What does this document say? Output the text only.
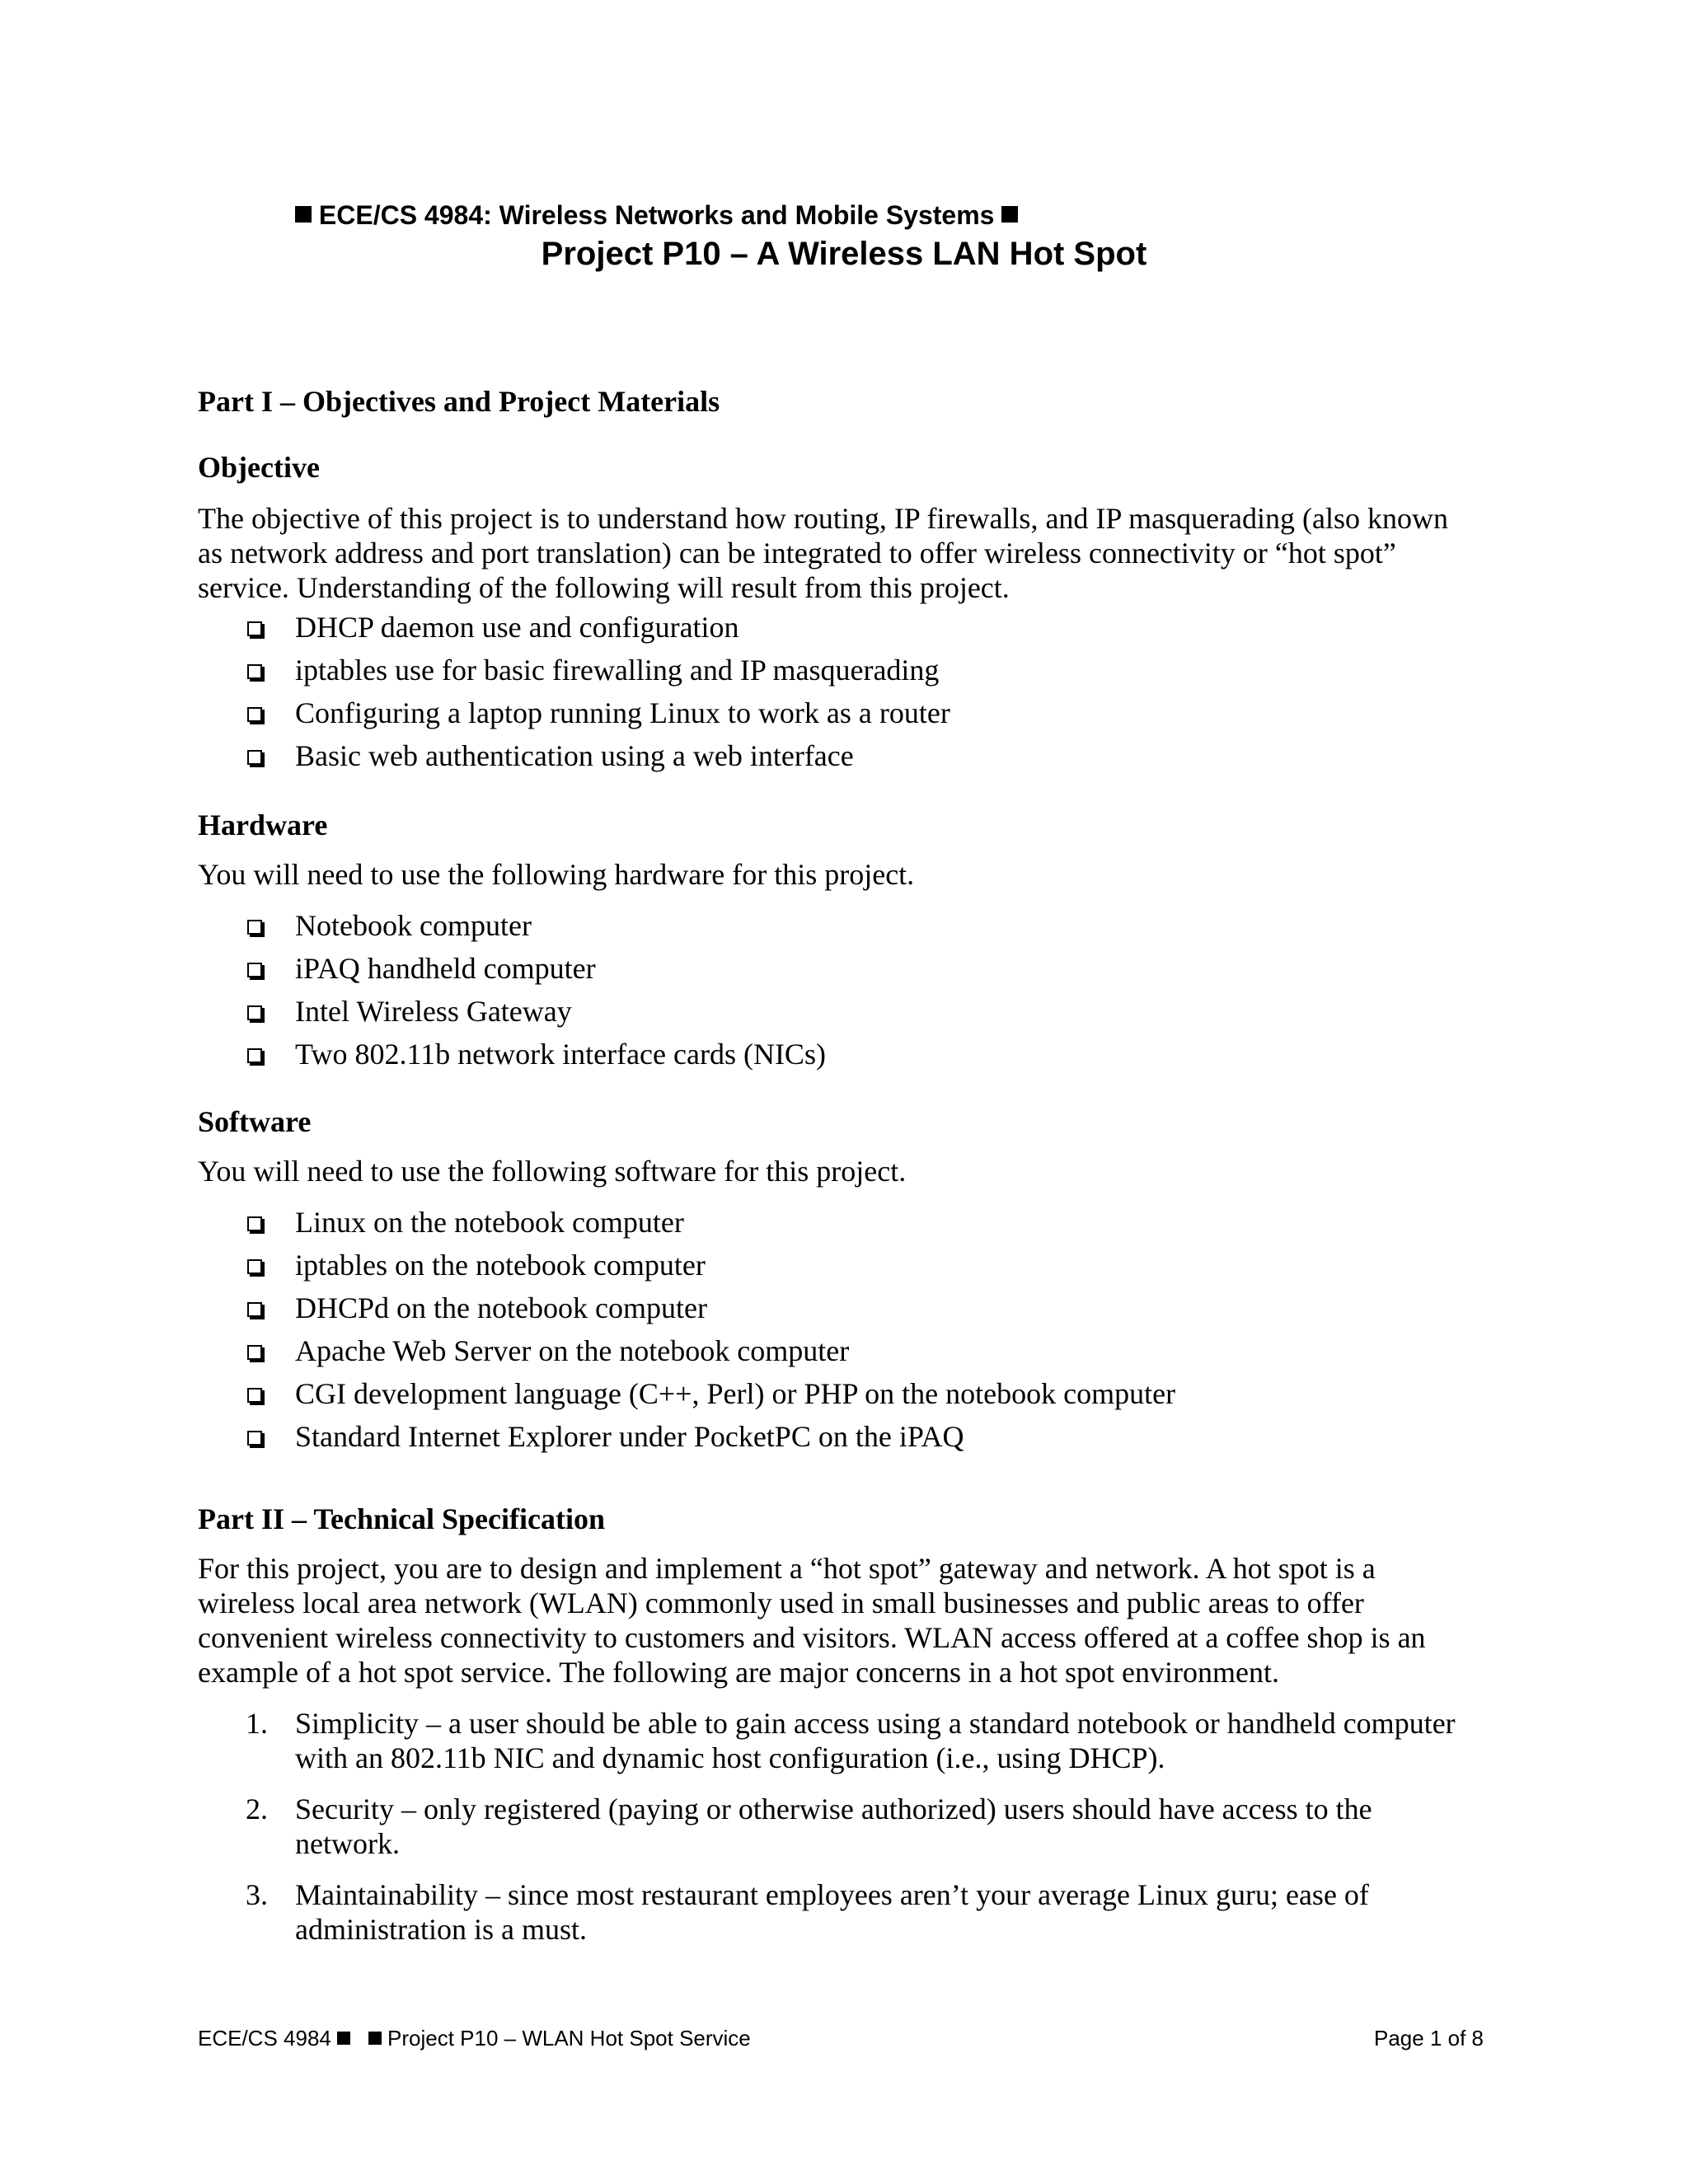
ECE/CS 4984: Wireless Networks and Mobile Systems
Project P10 – A Wireless LAN Hot Spot
Part I – Objectives and Project Materials
Objective
The objective of this project is to understand how routing, IP firewalls, and IP masquerading (also known
as network address and port translation) can be integrated to offer wireless connectivity or “hot spot”
service. Understanding of the following will result from this project.
DHCP daemon use and configuration
iptables use for basic firewalling and IP masquerading
Configuring a laptop running Linux to work as a router
Basic web authentication using a web interface
Hardware
You will need to use the following hardware for this project.
Notebook computer
iPAQ handheld computer
Intel Wireless Gateway
Two 802.11b network interface cards (NICs)
Software
You will need to use the following software for this project.
Linux on the notebook computer
iptables on the notebook computer
DHCPd on the notebook computer
Apache Web Server on the notebook computer
CGI development language (C++, Perl) or PHP on the notebook computer
Standard Internet Explorer under PocketPC on the iPAQ
Part II – Technical Specification
For this project, you are to design and implement a “hot spot” gateway and network. A hot spot is a
wireless local area network (WLAN) commonly used in small businesses and public areas to offer
convenient wireless connectivity to customers and visitors. WLAN access offered at a coffee shop is an
example of a hot spot service. The following are major concerns in a hot spot environment.
1. Simplicity – a user should be able to gain access using a standard notebook or handheld computer
with an 802.11b NIC and dynamic host configuration (i.e., using DHCP).
2. Security – only registered (paying or otherwise authorized) users should have access to the
network.
3. Maintainability – since most restaurant employees aren’t your average Linux guru; ease of
administration is a must.
ECE/CS 4984	Project P10 – WLAN Hot Spot Service	Page 1 of 8
